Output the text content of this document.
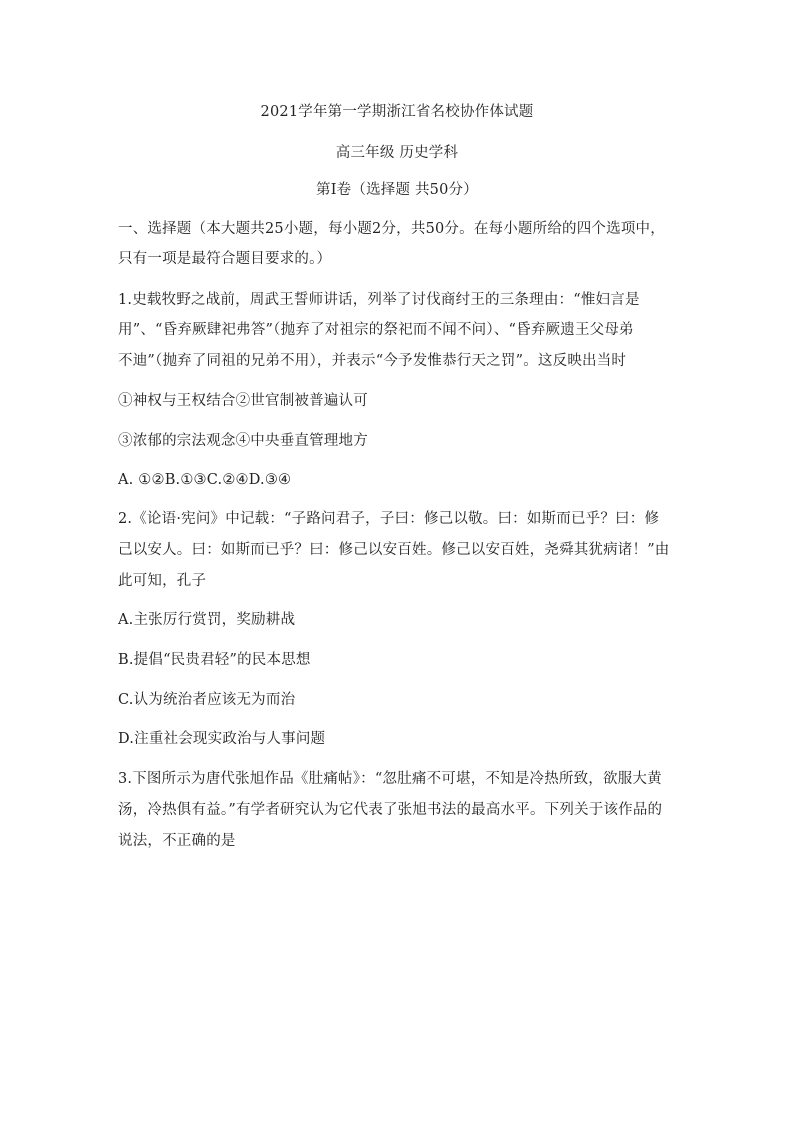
2021学年第一学期浙江省名校协作体试题
高三年级 历史学科
第I卷（选择题 共50分）
一、选择题（本大题共25小题，每小题2分，共50分。在每小题所给的四个选项中，
只有一项是最符合题目要求的。）
1.史载牧野之战前，周武王誓师讲话，列举了讨伐商纣王的三条理由：“惟妇言是
用”、“昏弃厥肆祀弗答”（抛弃了对祖宗的祭祀而不闻不问）、“昏弃厥遗王父母弟
不迪”（抛弃了同祖的兄弟不用），并表示“今予发惟恭行天之罚”。这反映出当时
①神权与王权结合②世官制被普遍认可
③浓郁的宗法观念④中央垂直管理地方
A. ①②B.①③C.②④D.③④
2.《论语·宪问》中记载：“子路问君子，子曰：修己以敬。曰：如斯而已乎？曰：修
己以安人。曰：如斯而已乎？曰：修己以安百姓。修己以安百姓，尧舜其犹病诸！”由
此可知，孔子
A.主张厉行赏罚，奖励耕战
B.提倡“民贵君轻”的民本思想
C.认为统治者应该无为而治
D.注重社会现实政治与人事问题
3.下图所示为唐代张旭作品《肚痛帖》：“忽肚痛不可堪，不知是冷热所致，欲服大黄
汤，冷热俱有益。”有学者研究认为它代表了张旭书法的最高水平。下列关于该作品的
说法，不正确的是
